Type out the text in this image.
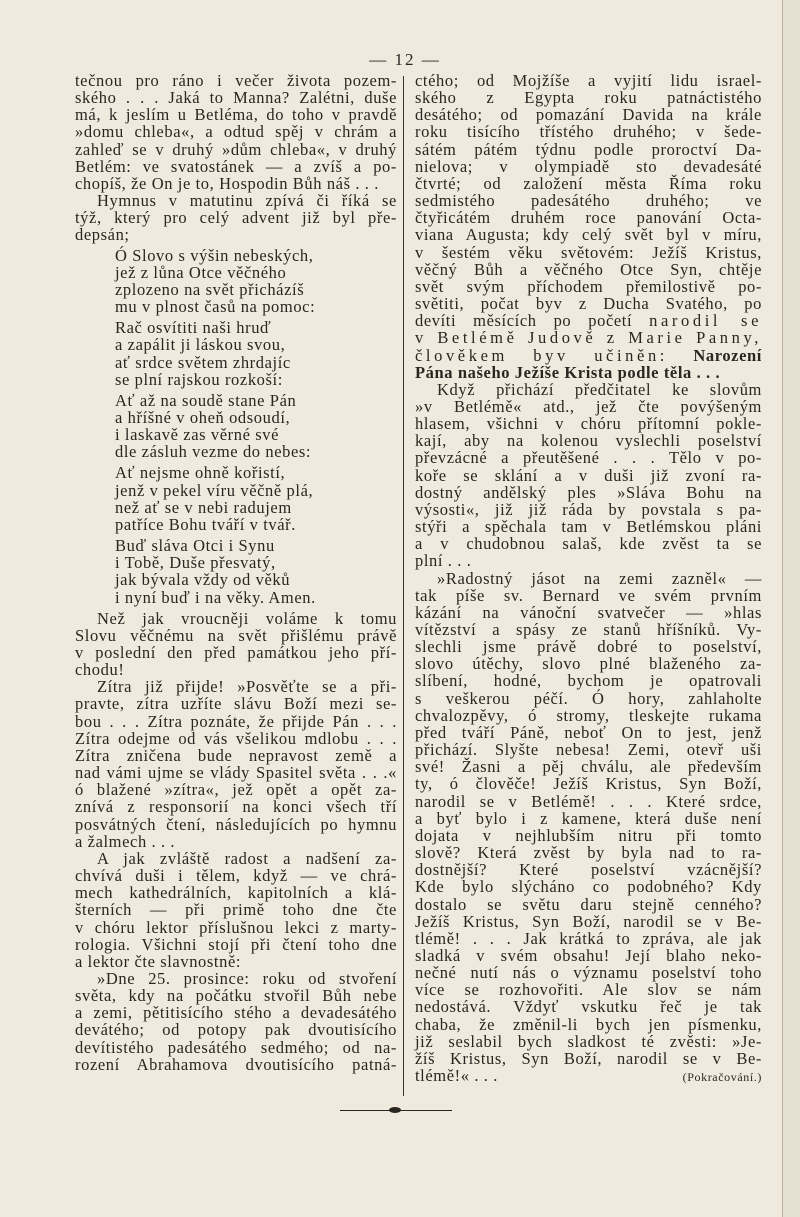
— 12 —
tečnou pro ráno i večer života pozem-
ského . . . Jaká to Manna? Zalétni, duše
má, k jeslím u Betléma, do toho v pravdě
»domu chleba«, a odtud spěj v chrám a
zahleď se v druhý »dům chleba«, v druhý
Betlém: ve svatostánek — a zvíš a po-
chopíš, že On je to, Hospodin Bůh náš . . .
Hymnus v matutinu zpívá či říká se
týž, který pro celý advent již byl pře-
depsán;
Ó Slovo s výšin nebeských,
jež z lůna Otce věčného
zplozeno na svět přicházíš
mu v plnost časů na pomoc:
Rač osvítiti naši hruď
a zapálit ji láskou svou,
ať srdce světem zhrdajíc
se plní rajskou rozkoší:
Ať až na soudě stane Pán
a hříšné v oheň odsoudí,
i laskavě zas věrné své
dle zásluh vezme do nebes:
Ať nejsme ohně kořistí,
jenž v pekel víru věčně plá,
než ať se v nebi radujem
patříce Bohu tváří v tvář.
Buď sláva Otci i Synu
i Tobě, Duše přesvatý,
jak bývala vždy od věků
i nyní buď i na věky. Amen.
Než jak vroucněji voláme k tomu
Slovu věčnému na svět přišlému právě
v poslední den před památkou jeho pří-
chodu!
Zítra již přijde! »Posvěťte se a při-
pravte, zítra uzříte slávu Boží mezi se-
bou . . . Zítra poznáte, že přijde Pán . . .
Zítra odejme od vás všelikou mdlobu . . .
Zítra zničena bude nepravost země a
nad vámi ujme se vlády Spasitel světa . . .«
ó blažené »zítra«, jež opět a opět za-
znívá z responsorií na konci všech tří
posvátných čtení, následujících po hymnu
a žalmech . . .
A jak zvláště radost a nadšení za-
chvívá duši i tělem, když — ve chrá-
mech kathedrálních, kapitolních a klá-
šterních — při primě toho dne čte
v chóru lektor příslušnou lekci z marty-
rologia. Všichni stojí při čtení toho dne
a lektor čte slavnostně:
»Dne 25. prosince: roku od stvoření
světa, kdy na počátku stvořil Bůh nebe
a zemi, pětitisícího stého a devadesátého
devátého; od potopy pak dvoutisícího
devítistého padesátého sedmého; od na-
rození Abrahamova dvoutisícího patná-
ctého; od Mojžíše a vyjití lidu israel-
ského z Egypta roku patnáctistého
desátého; od pomazání Davida na krále
roku tisícího třístého druhého; v šede-
sátém pátém týdnu podle proroctví Da-
nielova; v olympiadě sto devadesáté
čtvrté; od založení města Říma roku
sedmistého padesátého druhého; ve
čtyřicátém druhém roce panování Octa-
viana Augusta; kdy celý svět byl v míru,
v šestém věku světovém: Ježíš Kristus,
věčný Bůh a věčného Otce Syn, chtěje
svět svým příchodem přemilostivě po-
světiti, počat byv z Ducha Svatého, po
devíti měsících po početí narodil se
v Betlémě Judově z Marie Panny,
člověkem byv učiněn: Narození
Pána našeho Ježíše Krista podle těla . . .
Když přichází předčitatel ke slovům
»v Betlémě« atd., jež čte povýšeným
hlasem, všichni v chóru přítomní pokle-
kají, aby na kolenou vyslechli poselství
převzácné a přeutěšené . . . Tělo v po-
koře se sklání a v duši již zvoní ra-
dostný andělský ples »Sláva Bohu na
výsosti«, již již ráda by povstala s pa-
stýři a spěchala tam v Betlémskou pláni
a v chudobnou salaš, kde zvěst ta se
plní . . .
»Radostný jásot na zemi zazněl« —
tak píše sv. Bernard ve svém prvním
kázání na vánoční svatvečer — »hlas
vítězství a spásy ze stanů hříšníků. Vy-
slechli jsme právě dobré to poselství,
slovo útěchy, slovo plné blaženého za-
slíbení, hodné, bychom je opatrovali
s veškerou péčí. Ó hory, zahlaholte
chvalozpěvy, ó stromy, tleskejte rukama
před tváří Páně, neboť On to jest, jenž
přichází. Slyšte nebesa! Zemi, otevř uši
své! Žasni a pěj chválu, ale především
ty, ó člověče! Ježíš Kristus, Syn Boží,
narodil se v Betlémě! . . . Které srdce,
a byť bylo i z kamene, která duše není
dojata v nejhlubším nitru při tomto
slově? Která zvěst by byla nad to ra-
dostnější? Které poselství vzácnější?
Kde bylo slýcháno co podobného? Kdy
dostalo se světu daru stejně cenného?
Ježíš Kristus, Syn Boží, narodil se v Be-
tlémě! . . . Jak krátká to zpráva, ale jak
sladká v svém obsahu! Její blaho neko-
nečné nutí nás o významu poselství toho
více se rozhovořiti. Ale slov se nám
nedostává. Vždyť vskutku řeč je tak
chaba, že změnil-li bych jen písmenku,
již seslabil bych sladkost té zvěsti: »Je-
žíš Kristus, Syn Boží, narodil se v Be-
tlémě!« . . .	(Pokračování.)
